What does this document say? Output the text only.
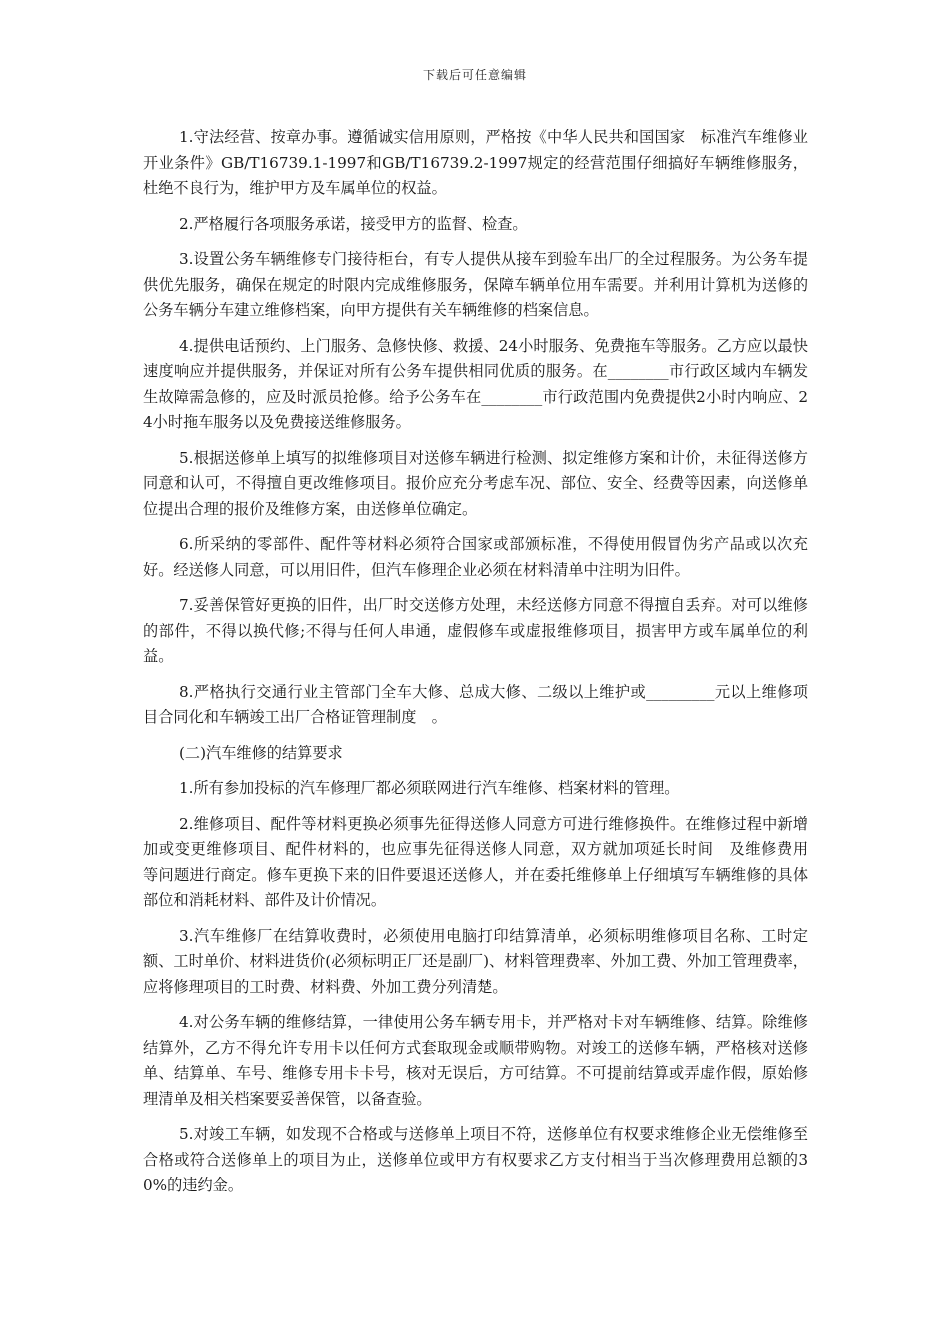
下载后可任意编辑

1.守法经营、按章办事。遵循诚实信用原则，严格按《中华人民共和国国家　标准汽车维修业开业条件》GB/T16739.1-1997和GB/T16739.2-1997规定的经营范围仔细搞好车辆维修服务，杜绝不良行为，维护甲方及车属单位的权益。

2.严格履行各项服务承诺，接受甲方的监督、检查。

3.设置公务车辆维修专门接待柜台，有专人提供从接车到验车出厂的全过程服务。为公务车提供优先服务，确保在规定的时限内完成维修服务，保障车辆单位用车需要。并利用计算机为送修的公务车辆分车建立维修档案，向甲方提供有关车辆维修的档案信息。

4.提供电话预约、上门服务、急修快修、救援、24小时服务、免费拖车等服务。乙方应以最快速度响应并提供服务，并保证对所有公务车提供相同优质的服务。在________市行政区域内车辆发生故障需急修的，应及时派员抢修。给予公务车在________市行政范围内免费提供2小时内响应、24小时拖车服务以及免费接送维修服务。

5.根据送修单上填写的拟维修项目对送修车辆进行检测、拟定维修方案和计价，未征得送修方同意和认可，不得擅自更改维修项目。报价应充分考虑车况、部位、安全、经费等因素，向送修单位提出合理的报价及维修方案，由送修单位确定。

6.所采纳的零部件、配件等材料必须符合国家或部颁标准，不得使用假冒伪劣产品或以次充好。经送修人同意，可以用旧件，但汽车修理企业必须在材料清单中注明为旧件。

7.妥善保管好更换的旧件，出厂时交送修方处理，未经送修方同意不得擅自丢弃。对可以维修的部件，不得以换代修;不得与任何人串通，虚假修车或虚报维修项目，损害甲方或车属单位的利益。

8.严格执行交通行业主管部门全车大修、总成大修、二级以上维护或_________元以上维修项目合同化和车辆竣工出厂合格证管理制度　。

(二)汽车维修的结算要求

1.所有参加投标的汽车修理厂都必须联网进行汽车维修、档案材料的管理。

2.维修项目、配件等材料更换必须事先征得送修人同意方可进行维修换件。在维修过程中新增加或变更维修项目、配件材料的，也应事先征得送修人同意，双方就加项延长时间　及维修费用　等问题进行商定。修车更换下来的旧件要退还送修人，并在委托维修单上仔细填写车辆维修的具体部位和消耗材料、部件及计价情况。

3.汽车维修厂在结算收费时，必须使用电脑打印结算清单，必须标明维修项目名称、工时定额、工时单价、材料进货价(必须标明正厂还是副厂)、材料管理费率、外加工费、外加工管理费率，应将修理项目的工时费、材料费、外加工费分列清楚。

4.对公务车辆的维修结算，一律使用公务车辆专用卡，并严格对卡对车辆维修、结算。除维修结算外，乙方不得允许专用卡以任何方式套取现金或顺带购物。对竣工的送修车辆，严格核对送修单、结算单、车号、维修专用卡卡号，核对无误后，方可结算。不可提前结算或弄虚作假，原始修理清单及相关档案要妥善保管，以备查验。

5.对竣工车辆，如发现不合格或与送修单上项目不符，送修单位有权要求维修企业无偿维修至合格或符合送修单上的项目为止，送修单位或甲方有权要求乙方支付相当于当次修理费用总额的30%的违约金。
